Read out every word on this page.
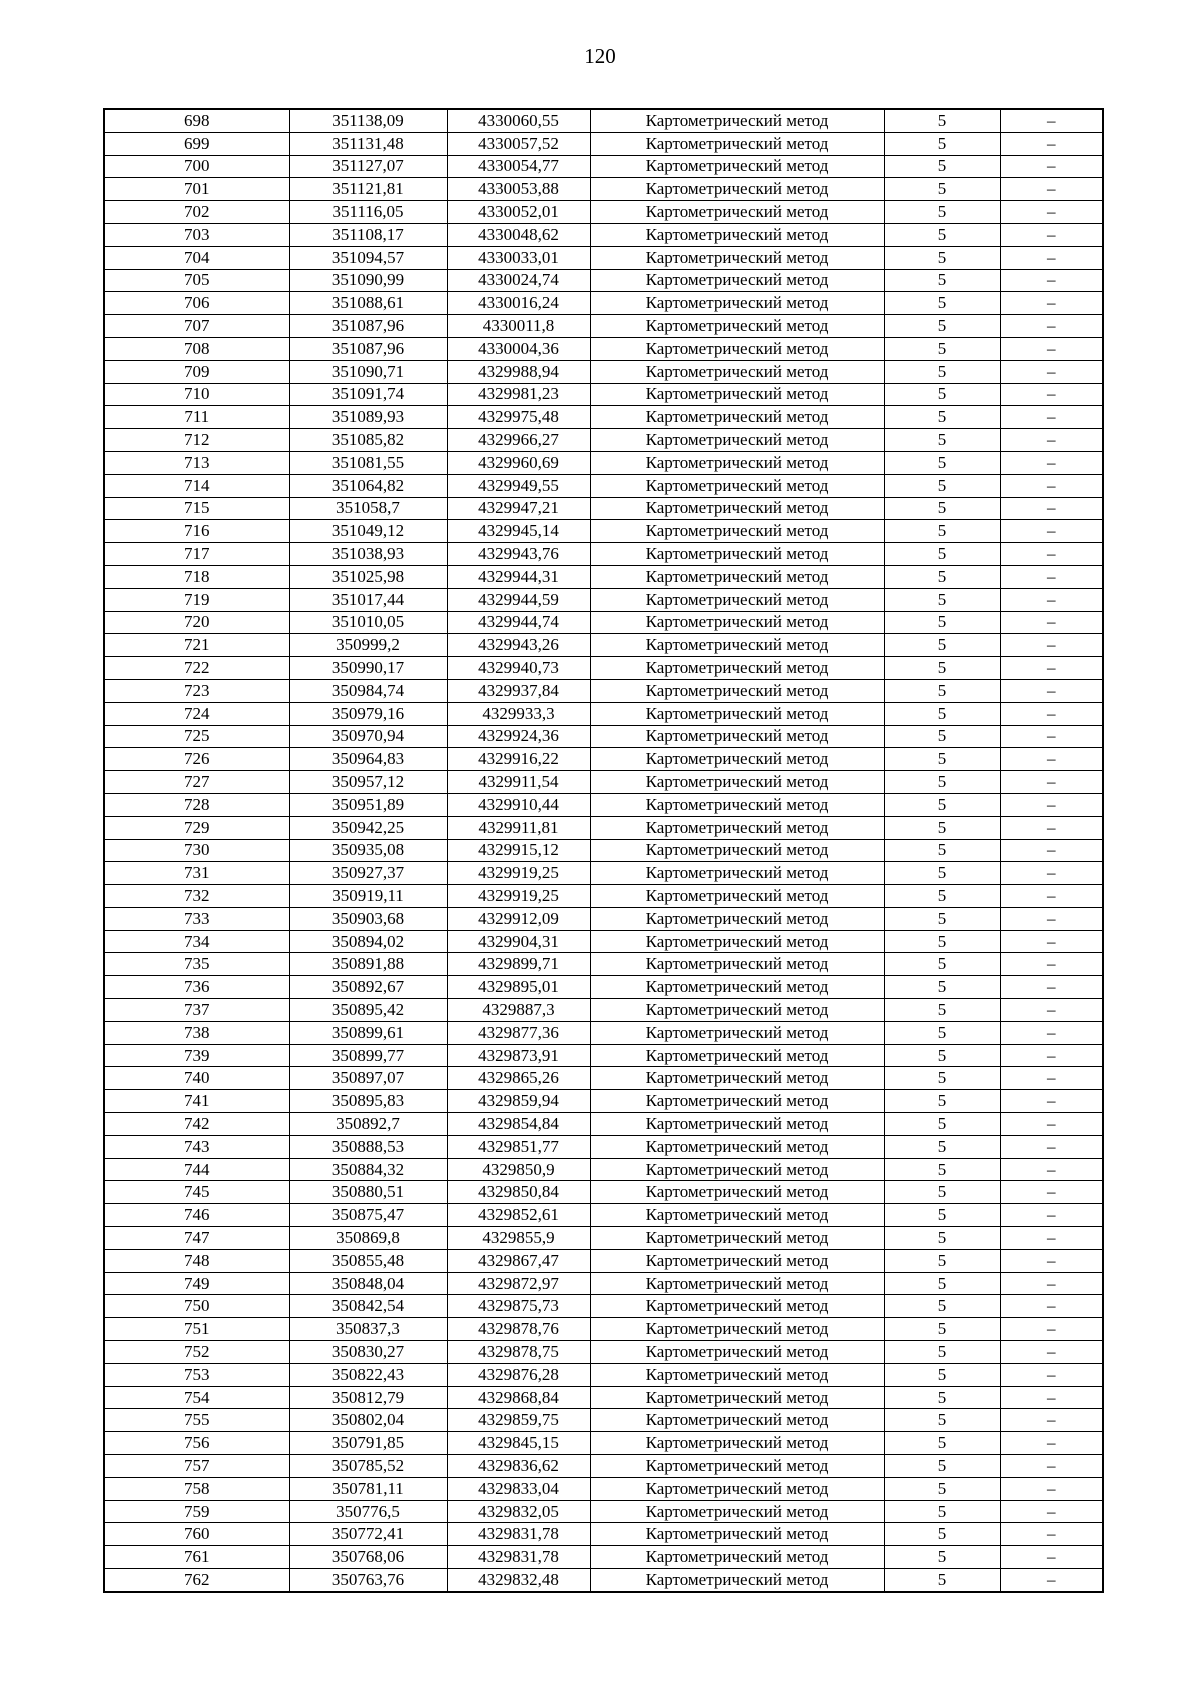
120
698	351138,09	4330060,55	Картометрический метод	5	–
699	351131,48	4330057,52	Картометрический метод	5	–
700	351127,07	4330054,77	Картометрический метод	5	–
701	351121,81	4330053,88	Картометрический метод	5	–
702	351116,05	4330052,01	Картометрический метод	5	–
703	351108,17	4330048,62	Картометрический метод	5	–
704	351094,57	4330033,01	Картометрический метод	5	–
705	351090,99	4330024,74	Картометрический метод	5	–
706	351088,61	4330016,24	Картометрический метод	5	–
707	351087,96	4330011,8	Картометрический метод	5	–
708	351087,96	4330004,36	Картометрический метод	5	–
709	351090,71	4329988,94	Картометрический метод	5	–
710	351091,74	4329981,23	Картометрический метод	5	–
711	351089,93	4329975,48	Картометрический метод	5	–
712	351085,82	4329966,27	Картометрический метод	5	–
713	351081,55	4329960,69	Картометрический метод	5	–
714	351064,82	4329949,55	Картометрический метод	5	–
715	351058,7	4329947,21	Картометрический метод	5	–
716	351049,12	4329945,14	Картометрический метод	5	–
717	351038,93	4329943,76	Картометрический метод	5	–
718	351025,98	4329944,31	Картометрический метод	5	–
719	351017,44	4329944,59	Картометрический метод	5	–
720	351010,05	4329944,74	Картометрический метод	5	–
721	350999,2	4329943,26	Картометрический метод	5	–
722	350990,17	4329940,73	Картометрический метод	5	–
723	350984,74	4329937,84	Картометрический метод	5	–
724	350979,16	4329933,3	Картометрический метод	5	–
725	350970,94	4329924,36	Картометрический метод	5	–
726	350964,83	4329916,22	Картометрический метод	5	–
727	350957,12	4329911,54	Картометрический метод	5	–
728	350951,89	4329910,44	Картометрический метод	5	–
729	350942,25	4329911,81	Картометрический метод	5	–
730	350935,08	4329915,12	Картометрический метод	5	–
731	350927,37	4329919,25	Картометрический метод	5	–
732	350919,11	4329919,25	Картометрический метод	5	–
733	350903,68	4329912,09	Картометрический метод	5	–
734	350894,02	4329904,31	Картометрический метод	5	–
735	350891,88	4329899,71	Картометрический метод	5	–
736	350892,67	4329895,01	Картометрический метод	5	–
737	350895,42	4329887,3	Картометрический метод	5	–
738	350899,61	4329877,36	Картометрический метод	5	–
739	350899,77	4329873,91	Картометрический метод	5	–
740	350897,07	4329865,26	Картометрический метод	5	–
741	350895,83	4329859,94	Картометрический метод	5	–
742	350892,7	4329854,84	Картометрический метод	5	–
743	350888,53	4329851,77	Картометрический метод	5	–
744	350884,32	4329850,9	Картометрический метод	5	–
745	350880,51	4329850,84	Картометрический метод	5	–
746	350875,47	4329852,61	Картометрический метод	5	–
747	350869,8	4329855,9	Картометрический метод	5	–
748	350855,48	4329867,47	Картометрический метод	5	–
749	350848,04	4329872,97	Картометрический метод	5	–
750	350842,54	4329875,73	Картометрический метод	5	–
751	350837,3	4329878,76	Картометрический метод	5	–
752	350830,27	4329878,75	Картометрический метод	5	–
753	350822,43	4329876,28	Картометрический метод	5	–
754	350812,79	4329868,84	Картометрический метод	5	–
755	350802,04	4329859,75	Картометрический метод	5	–
756	350791,85	4329845,15	Картометрический метод	5	–
757	350785,52	4329836,62	Картометрический метод	5	–
758	350781,11	4329833,04	Картометрический метод	5	–
759	350776,5	4329832,05	Картометрический метод	5	–
760	350772,41	4329831,78	Картометрический метод	5	–
761	350768,06	4329831,78	Картометрический метод	5	–
762	350763,76	4329832,48	Картометрический метод	5	–
